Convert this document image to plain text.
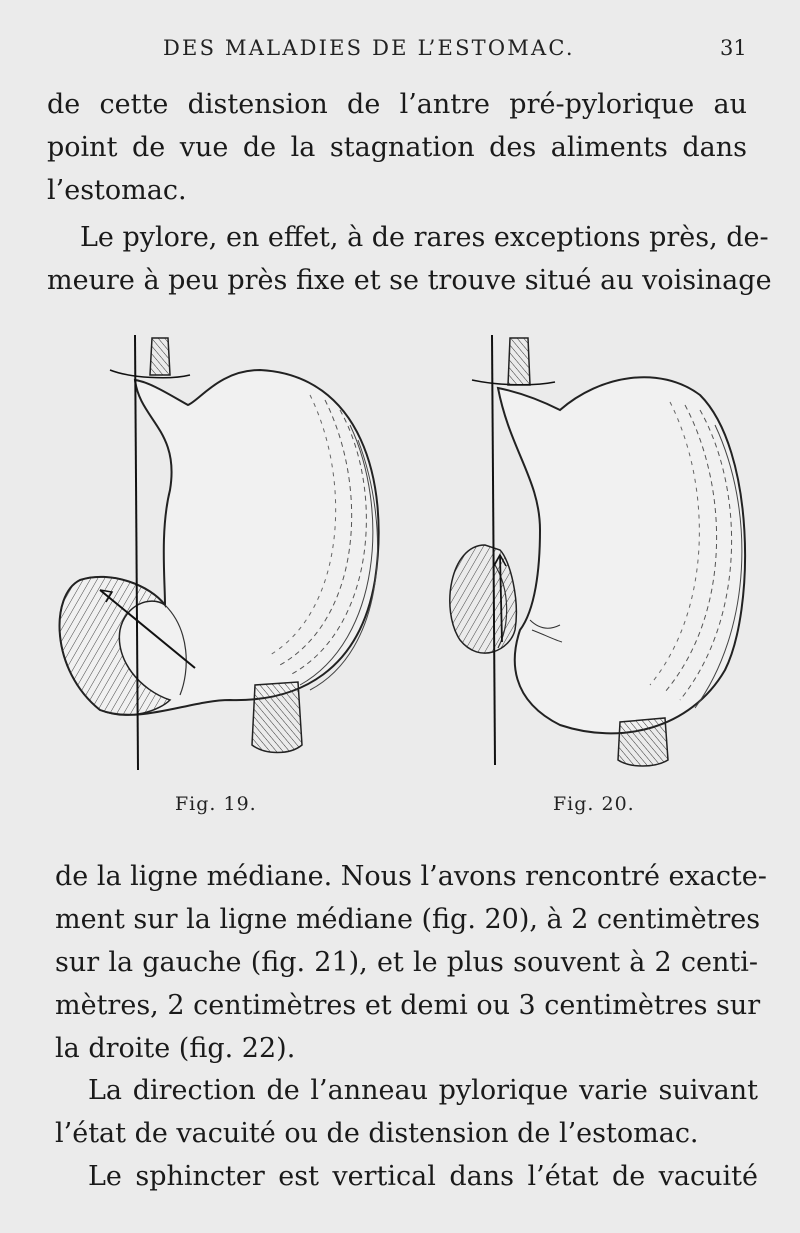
DES MALADIES DE L’ESTOMAC.	31
de cette distension de l’antre pré-pylorique au
point de vue de la stagnation des aliments dans
l’estomac.
Le pylore, en effet, à de rares exceptions près, de-
meure à peu près fixe et se trouve situé au voisinage
Fig. 19.	Fig. 20.
de la ligne médiane. Nous l’avons rencontré exacte-
ment sur la ligne médiane (fig. 20), à 2 centimètres
sur la gauche (fig. 21), et le plus souvent à 2 centi-
mètres, 2 centimètres et demi ou 3 centimètres sur
la droite (fig. 22).
La direction de l’anneau pylorique varie suivant
l’état de vacuité ou de distension de l’estomac.
Le sphincter est vertical dans l’état de vacuité
